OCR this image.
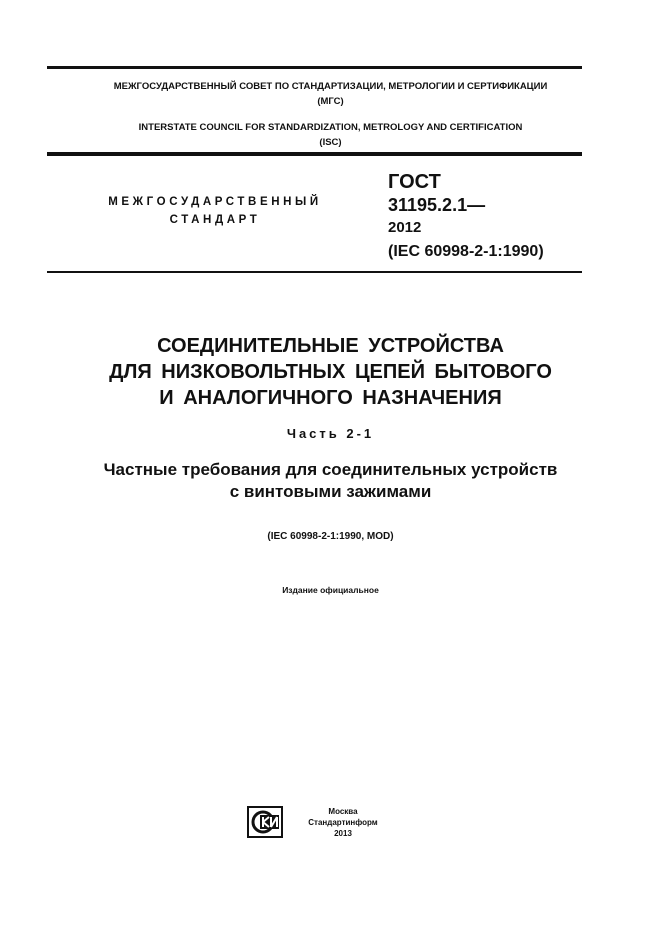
МЕЖГОСУДАРСТВЕННЫЙ СОВЕТ ПО СТАНДАРТИЗАЦИИ, МЕТРОЛОГИИ И СЕРТИФИКАЦИИ
(МГС)
INTERSTATE COUNCIL FOR STANDARDIZATION, METROLOGY AND CERTIFICATION
(ISC)
МЕЖГОСУДАРСТВЕННЫЙ
СТАНДАРТ
ГОСТ
31195.2.1—
2012
(IEC 60998-2-1:1990)
СОЕДИНИТЕЛЬНЫЕ УСТРОЙСТВА
ДЛЯ НИЗКОВОЛЬТНЫХ ЦЕПЕЙ БЫТОВОГО
И АНАЛОГИЧНОГО НАЗНАЧЕНИЯ
Часть 2-1
Частные требования для соединительных устройств
с винтовыми зажимами
(IEC 60998-2-1:1990, MOD)
Издание официальное
Москва
Стандартинформ
2013
